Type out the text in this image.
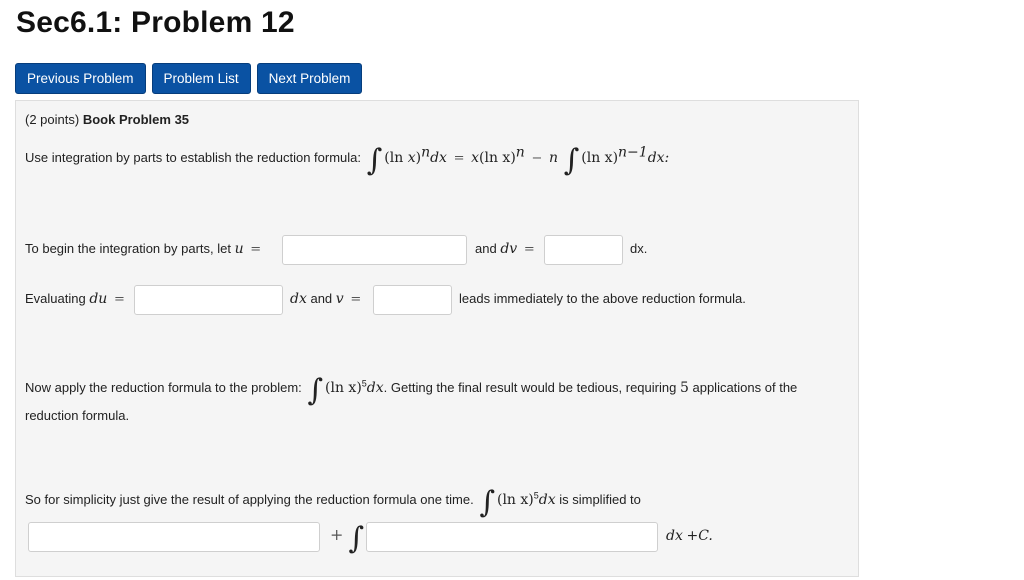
Sec6.1: Problem 12
Previous Problem	Problem List	Next Problem
(2 points) Book Problem 35
Use integration by parts to establish the reduction formula: ∫ (ln x)$^n$dx = x(ln x)$^n$ − n ∫ (ln x)$^{n-1}$dx:
To begin the integration by parts, let u =	and dv =	dx.
Evaluating du =	dx and v =	leads immediately to the above reduction formula.
Now apply the reduction formula to the problem: ∫ (ln x)$^5$dx. Getting the final result would be tedious, requiring 5 applications of the
reduction formula.
So for simplicity just give the result of applying the reduction formula one time. ∫ (ln x)$^5$dx is simplified to
+ ∫	dx +C.
